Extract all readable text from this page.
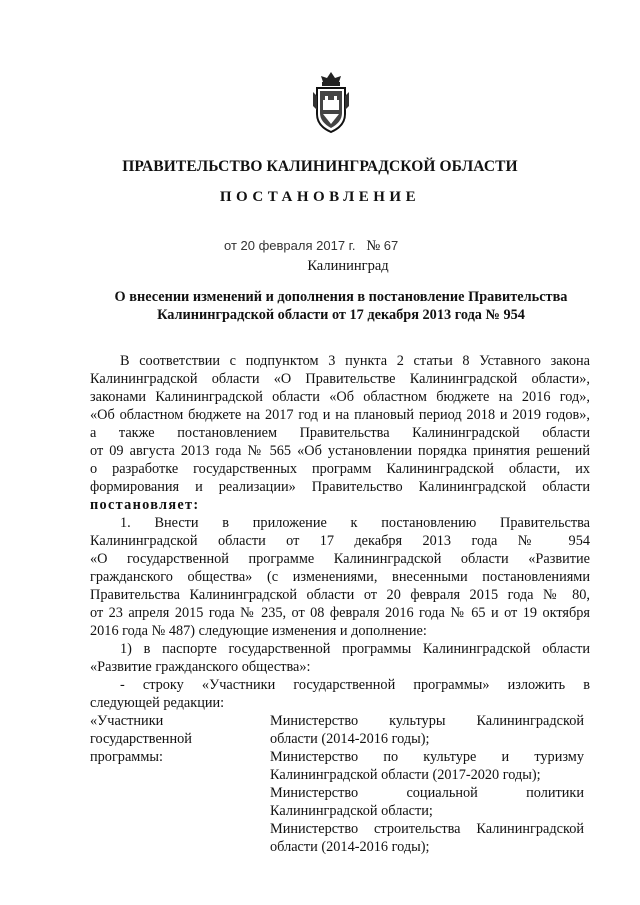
ПРАВИТЕЛЬСТВО КАЛИНИНГРАДСКОЙ ОБЛАСТИ
ПОСТАНОВЛЕНИЕ
от 20 февраля 2017 г. № 67
Калининград
О внесении изменений и дополнения в постановление Правительства
Калининградской области от 17 декабря 2013 года № 954
В соответствии с подпунктом 3 пункта 2 статьи 8 Уставного закона
Калининградской области «О Правительстве Калининградской области»,
законами Калининградской области «Об областном бюджете на 2016 год»,
«Об областном бюджете на 2017 год и на плановый период 2018 и 2019 годов»,
а также постановлением Правительства Калининградской области
от 09 августа 2013 года № 565 «Об установлении порядка принятия решений
о разработке государственных программ Калининградской области, их
формирования и реализации» Правительство Калининградской области
постановляет:
1. Внести в приложение к постановлению Правительства
Калининградской области от 17 декабря 2013 года № 954
«О государственной программе Калининградской области «Развитие
гражданского общества» (с изменениями, внесенными постановлениями
Правительства Калининградской области от 20 февраля 2015 года № 80,
от 23 апреля 2015 года № 235, от 08 февраля 2016 года № 65 и от 19 октября
2016 года № 487) следующие изменения и дополнение:
1) в паспорте государственной программы Калининградской области
«Развитие гражданского общества»:
- строку «Участники государственной программы» изложить в
следующей редакции:
«Участники
государственной
программы:
Министерство культуры Калининградской
области (2014-2016 годы);
Министерство по культуре и туризму
Калининградской области (2017-2020 годы);
Министерство социальной политики
Калининградской области;
Министерство строительства Калининградской
области (2014-2016 годы);
